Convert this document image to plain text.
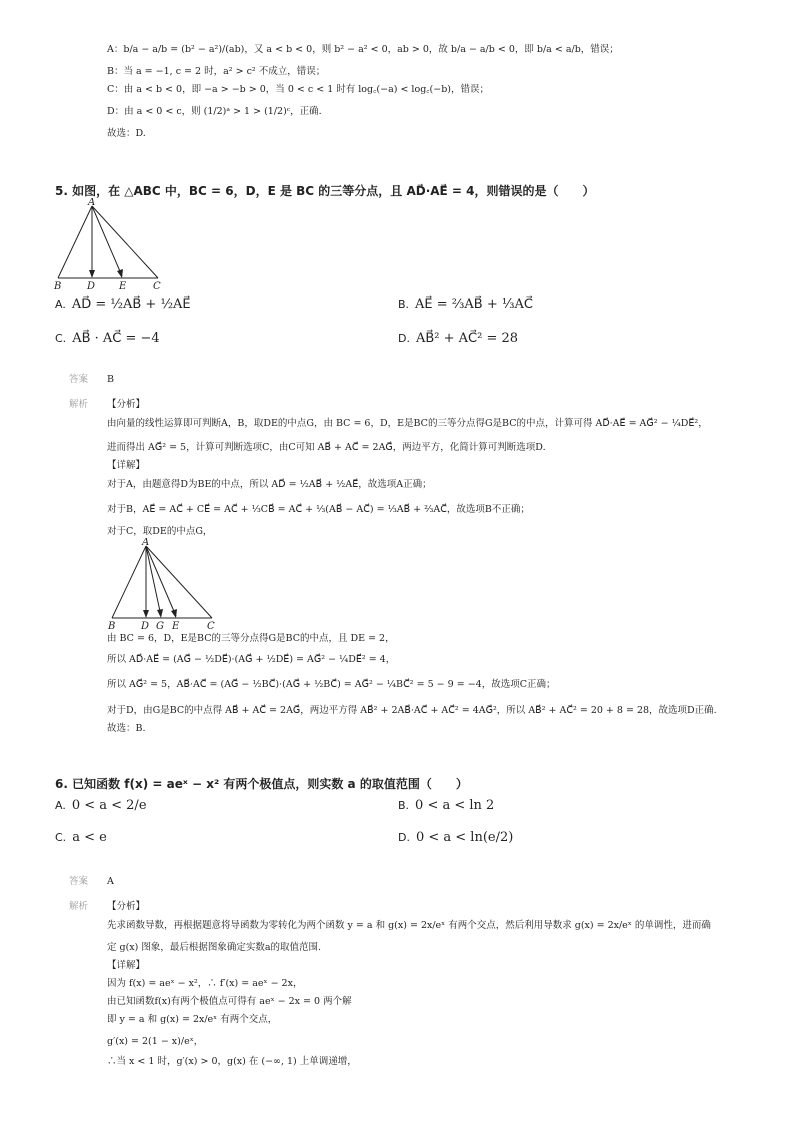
A：b/a − a/b = (b² − a²)/(ab)，又 a < b < 0，则 b² − a² < 0，ab > 0，故 b/a − a/b < 0，即 b/a < a/b，错误；
B：当 a = −1, c = 2 时，a² > c² 不成立，错误；
C：由 a < b < 0，即 −a > −b > 0，当 0 < c < 1 时有 log꜀(−a) < log꜀(−b)，错误；
D：由 a < 0 < c，则 (1/2)ᵃ > 1 > (1/2)ᶜ，正确.
故选：D.
5. 如图，在 △ABC 中，BC = 6，D，E 是 BC 的三等分点，且 AD⃗·AE⃗ = 4，则错误的是（　　）
A
B	D E	C
A. AD⃗ = ½AB⃗ + ½AE⃗	B. AE⃗ = ⅔AB⃗ + ⅓AC⃗
C. AB⃗ · AC⃗ = −4	D. AB⃗² + AC⃗² = 28
答案 B
解析 【分析】
由向量的线性运算即可判断A，B，取DE的中点G，由 BC = 6，D，E是BC的三等分点得G是BC的中点，计算可得 AD⃗·AE⃗ = AG⃗² − ¼DE⃗²，
进而得出 AG⃗² = 5，计算可判断选项C，由C可知 AB⃗ + AC⃗ = 2AG⃗，两边平方，化简计算可判断选项D.
【详解】
对于A，由题意得D为BE的中点，所以 AD⃗ = ½AB⃗ + ½AE⃗，故选项A正确；
对于B，AE⃗ = AC⃗ + CE⃗ = AC⃗ + ⅓CB⃗ = AC⃗ + ⅓(AB⃗ − AC⃗) = ⅓AB⃗ + ⅔AC⃗，故选项B不正确；
对于C，取DE的中点G，
A
B	D G E	C
由 BC = 6，D，E是BC的三等分点得G是BC的中点，且 DE = 2，
所以 AD⃗·AE⃗ = (AG⃗ − ½DE⃗)·(AG⃗ + ½DE⃗) = AG⃗² − ¼DE⃗² = 4，
所以 AG⃗² = 5，AB⃗·AC⃗ = (AG⃗ − ½BC⃗)·(AG⃗ + ½BC⃗) = AG⃗² − ¼BC⃗² = 5 − 9 = −4，故选项C正确；
对于D，由G是BC的中点得 AB⃗ + AC⃗ = 2AG⃗，两边平方得 AB⃗² + 2AB⃗·AC⃗ + AC⃗² = 4AG⃗²，所以 AB⃗² + AC⃗² = 20 + 8 = 28，故选项D正确.
故选：B.
6. 已知函数 f(x) = aeˣ − x² 有两个极值点，则实数 a 的取值范围（　　）
A. 0 < a < 2/e	B. 0 < a < ln 2
C. a < e	D. 0 < a < ln(e/2)
答案 A
解析 【分析】
先求函数导数，再根据题意将导函数为零转化为两个函数 y = a 和 g(x) = 2x/eˣ 有两个交点，然后利用导数求 g(x) = 2x/eˣ 的单调性，进而确
定 g(x) 图象，最后根据图象确定实数a的取值范围.
【详解】
因为 f(x) = aeˣ − x²，∴ f′(x) = aeˣ − 2x，
由已知函数f(x)有两个极值点可得有 aeˣ − 2x = 0 两个解
即 y = a 和 g(x) = 2x/eˣ 有两个交点，
g′(x) = 2(1 − x)/eˣ，
∴当 x < 1 时，g′(x) > 0，g(x) 在 (−∞, 1) 上单调递增，
